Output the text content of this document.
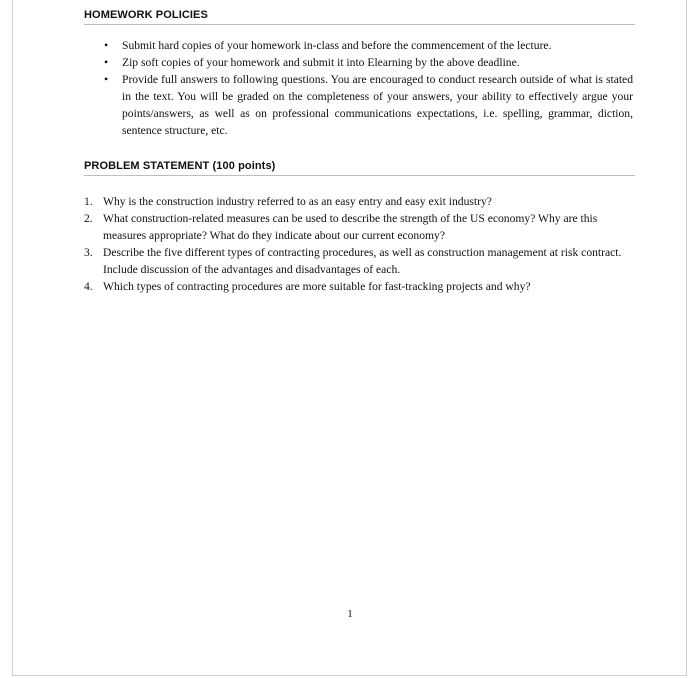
HOMEWORK POLICIES
• Submit hard copies of your homework in-class and before the commencement of the lecture.
• Zip soft copies of your homework and submit it into Elearning by the above deadline.
• Provide full answers to following questions. You are encouraged to conduct research outside of what is stated in the text. You will be graded on the completeness of your answers, your ability to effectively argue your points/answers, as well as on professional communications expectations, i.e. spelling, grammar, diction, sentence structure, etc.
PROBLEM STATEMENT (100 points)
1. Why is the construction industry referred to as an easy entry and easy exit industry?
2. What construction-related measures can be used to describe the strength of the US economy? Why are this measures appropriate? What do they indicate about our current economy?
3. Describe the five different types of contracting procedures, as well as construction management at risk contract. Include discussion of the advantages and disadvantages of each.
4. Which types of contracting procedures are more suitable for fast-tracking projects and why?
1
